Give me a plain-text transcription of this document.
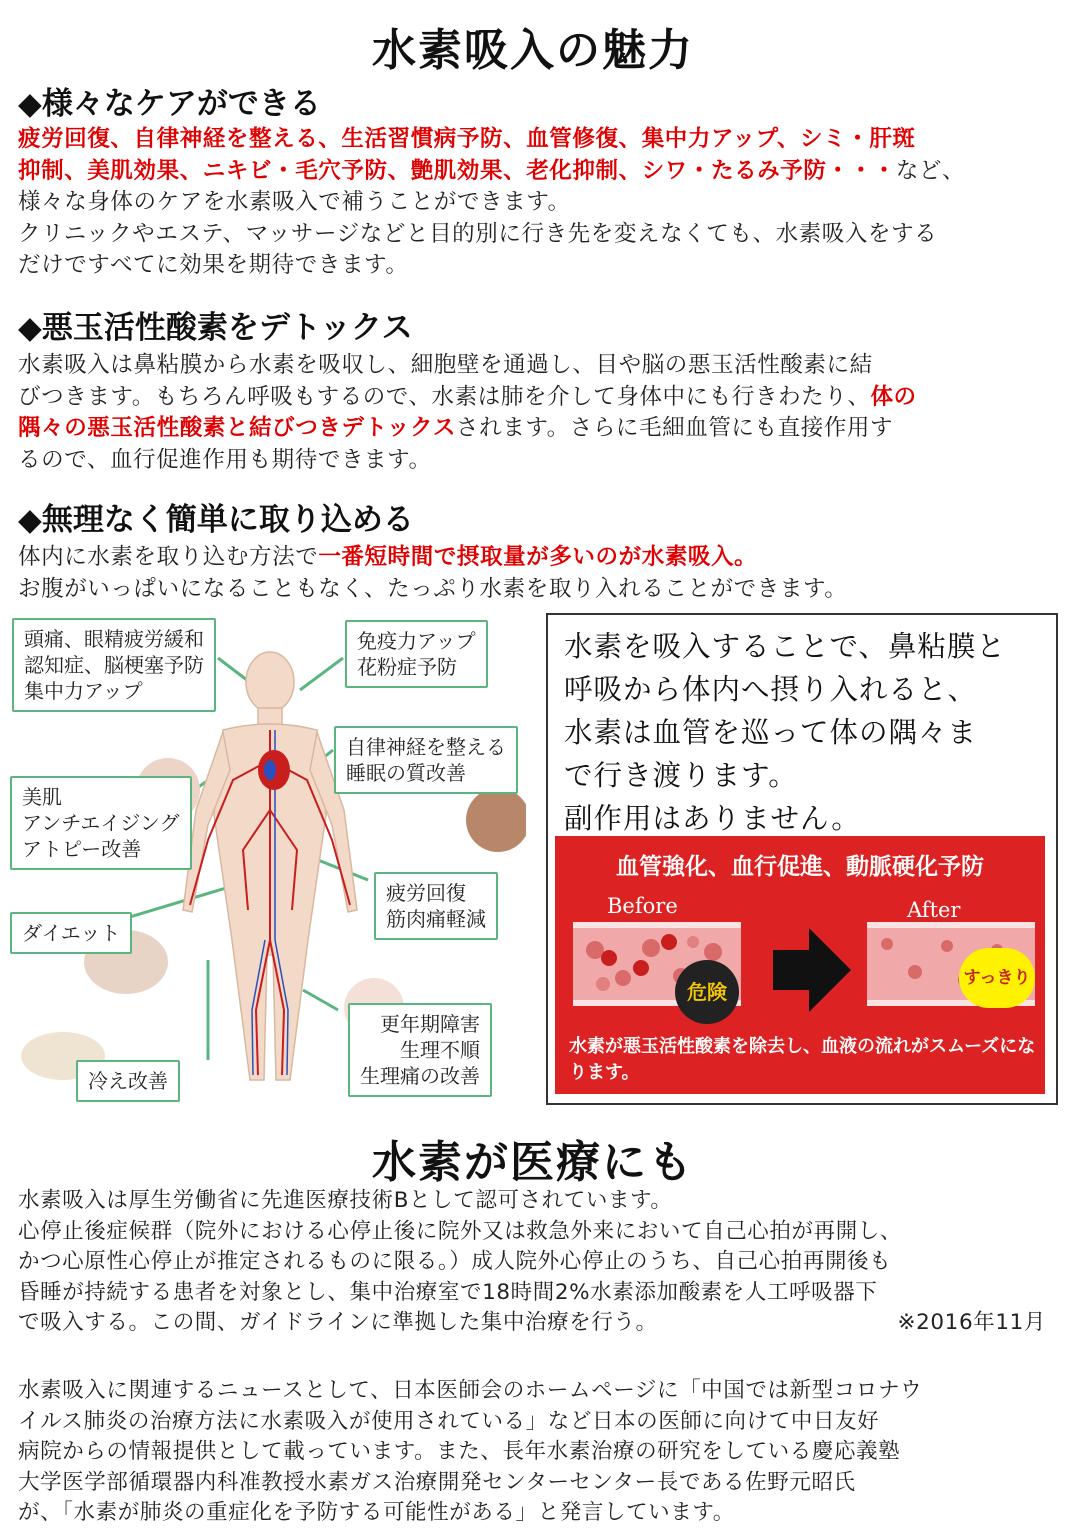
水素吸入の魅力
◆様々なケアができる
疲労回復、自律神経を整える、生活習慣病予防、血管修復、集中力アップ、シミ・肝斑
抑制、美肌効果、ニキビ・毛穴予防、艶肌効果、老化抑制、シワ・たるみ予防・・・など、
様々な身体のケアを水素吸入で補うことができます。
クリニックやエステ、マッサージなどと目的別に行き先を変えなくても、水素吸入をする
だけですべてに効果を期待できます。
◆悪玉活性酸素をデトックス
水素吸入は鼻粘膜から水素を吸収し、細胞壁を通過し、目や脳の悪玉活性酸素に結
びつきます。もちろん呼吸もするので、水素は肺を介して身体中にも行きわたり、体の
隅々の悪玉活性酸素と結びつきデトックスされます。さらに毛細血管にも直接作用す
るので、血行促進作用も期待できます。
◆無理なく簡単に取り込める
体内に水素を取り込む方法で一番短時間で摂取量が多いのが水素吸入。
お腹がいっぱいになることもなく、たっぷり水素を取り入れることができます。
頭痛、眼精疲労緩和
認知症、脳梗塞予防
集中力アップ
免疫力アップ
花粉症予防
美肌
アンチエイジング
アトピー改善
自律神経を整える
睡眠の質改善
ダイエット
疲労回復
筋肉痛軽減
更年期障害
生理不順
生理痛の改善
冷え改善
水素を吸入することで、鼻粘膜と
呼吸から体内へ摂り入れると、
水素は血管を巡って体の隅々ま
で行き渡ります。
副作用はありません。
血管強化、血行促進、動脈硬化予防
Before	After
危険
すっきり
水素が悪玉活性酸素を除去し、血液の流れがスムーズになります。
水素が医療にも
水素吸入は厚生労働省に先進医療技術Bとして認可されています。
心停止後症候群（院外における心停止後に院外又は救急外来において自己心拍が再開し、
かつ心原性心停止が推定されるものに限る。）成人院外心停止のうち、自己心拍再開後も
昏睡が持続する患者を対象とし、集中治療室で18時間2%水素添加酸素を人工呼吸器下
で吸入する。この間、ガイドラインに準拠した集中治療を行う。	※2016年11月
水素吸入に関連するニュースとして、日本医師会のホームページに「中国では新型コロナウ
イルス肺炎の治療方法に水素吸入が使用されている」など日本の医師に向けて中日友好
病院からの情報提供として載っています。また、長年水素治療の研究をしている慶応義塾
大学医学部循環器内科准教授水素ガス治療開発センターセンター長である佐野元昭氏
が、「水素が肺炎の重症化を予防する可能性がある」と発言しています。
